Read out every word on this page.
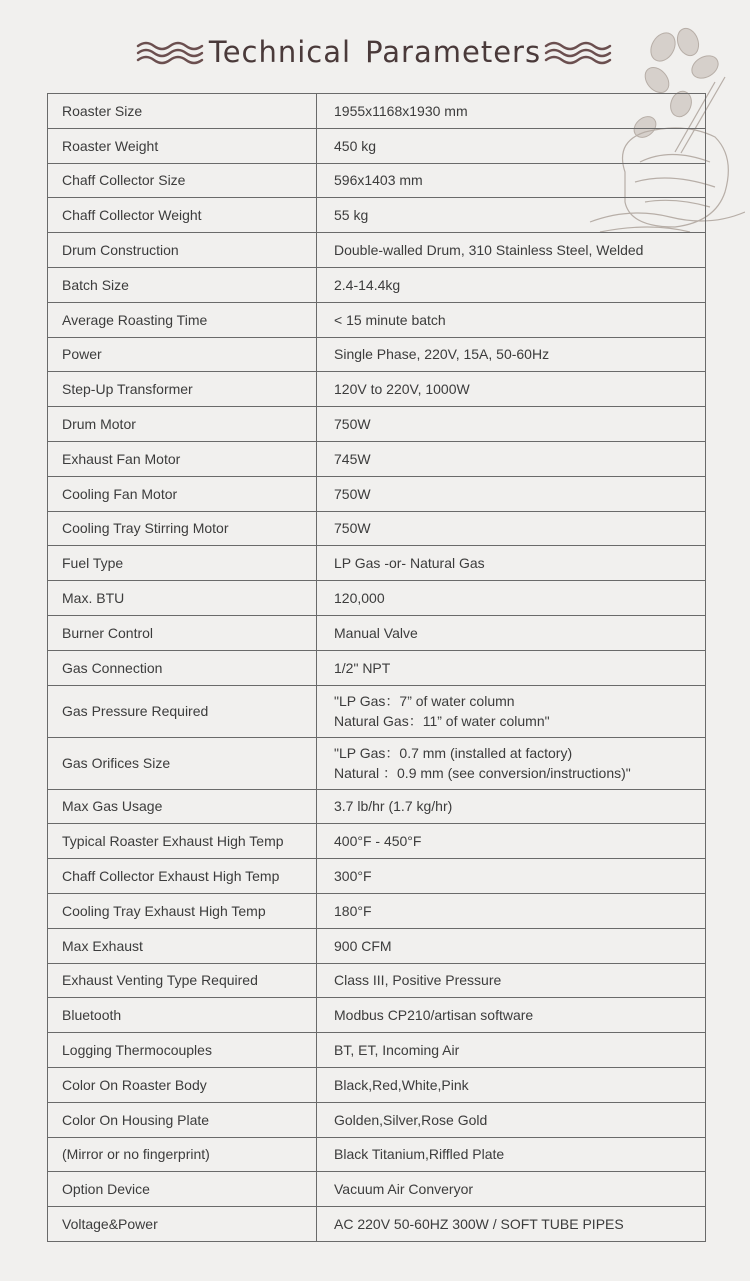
Technical Parameters
Roaster Size	1955x1168x1930 mm
Roaster Weight	450 kg
Chaff Collector Size	596x1403 mm
Chaff Collector Weight	55 kg
Drum Construction	Double-walled Drum, 310 Stainless Steel, Welded
Batch Size	2.4-14.4kg
Average Roasting Time	< 15 minute batch
Power	Single Phase, 220V, 15A, 50-60Hz
Step-Up Transformer	120V to 220V, 1000W
Drum Motor	750W
Exhaust Fan Motor	745W
Cooling Fan Motor	750W
Cooling Tray Stirring Motor	750W
Fuel Type	LP Gas -or- Natural Gas
Max. BTU	120,000
Burner Control	Manual Valve
Gas Connection	1/2" NPT
Gas Pressure Required	"LP Gas：7” of water column
Natural Gas：11” of water column"

Gas Orifices Size	"LP Gas：0.7 mm (installed at factory)
Natural ：0.9 mm (see conversion/instructions)"

Max Gas Usage	3.7 lb/hr (1.7 kg/hr)
Typical Roaster Exhaust High Temp	400°F - 450°F
Chaff Collector Exhaust High Temp	300°F
Cooling Tray Exhaust High Temp	180°F
Max Exhaust	900 CFM
Exhaust Venting Type Required	Class III, Positive Pressure
Bluetooth	Modbus CP210/artisan software
Logging Thermocouples	BT, ET, Incoming Air
Color On Roaster Body	Black,Red,White,Pink
Color On Housing Plate	Golden,Silver,Rose Gold
(Mirror or no fingerprint)	Black Titanium,Riffled Plate
Option Device	Vacuum Air Converyor
Voltage&Power	AC 220V 50-60HZ 300W / SOFT TUBE PIPES
